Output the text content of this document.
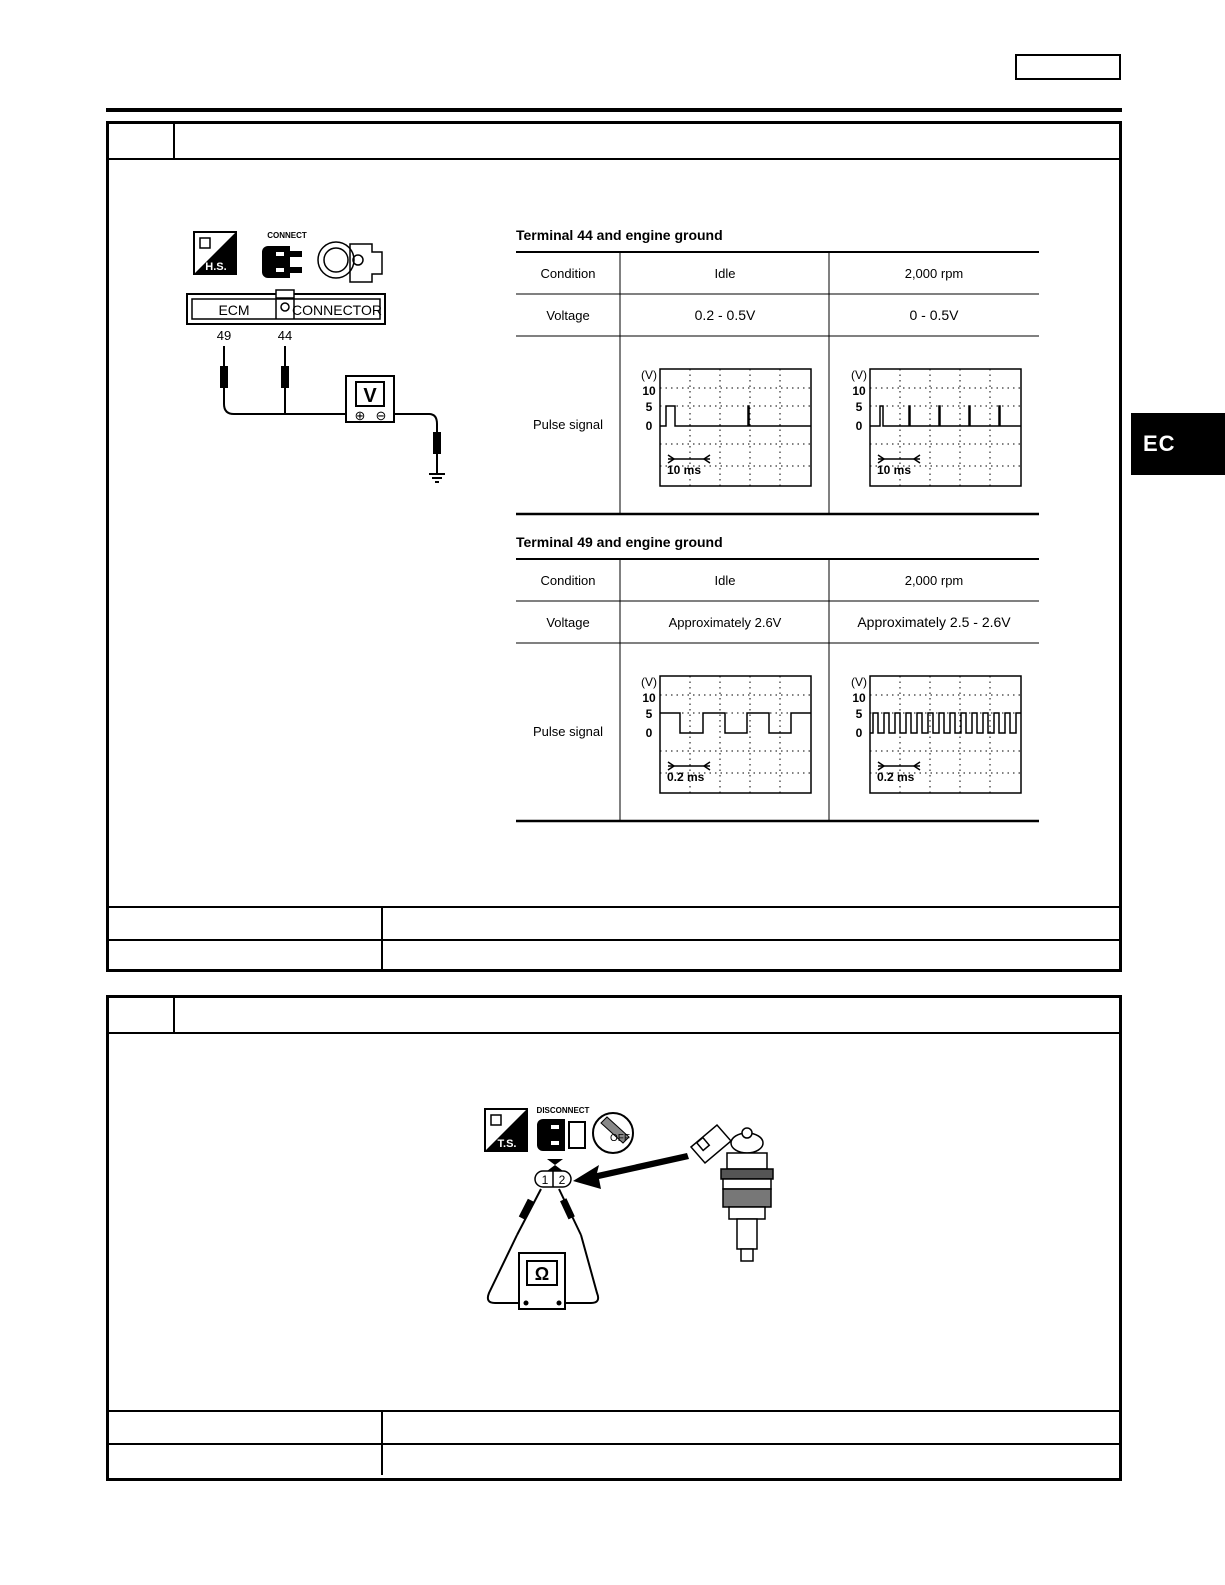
EC
H.S.
CONNECT
ECM	CONNECTOR
49	44
V
⊕ ⊖
Terminal 44 and engine ground
Condition	Idle	2,000 rpm
Voltage	0.2 - 0.5V	0 - 0.5V
Pulse signal
(V)
10
5
0
10 ms
(V)
10
5
0
10 ms
Terminal 49 and engine ground
Condition	Idle	2,000 rpm
Voltage	Approximately 2.6V	Approximately 2.5 - 2.6V
Pulse signal
(V)
10
5
0
0.2 ms
(V)
10
5
0
0.2 ms
T.S.
DISCONNECT
OFF
1 2
Ω
